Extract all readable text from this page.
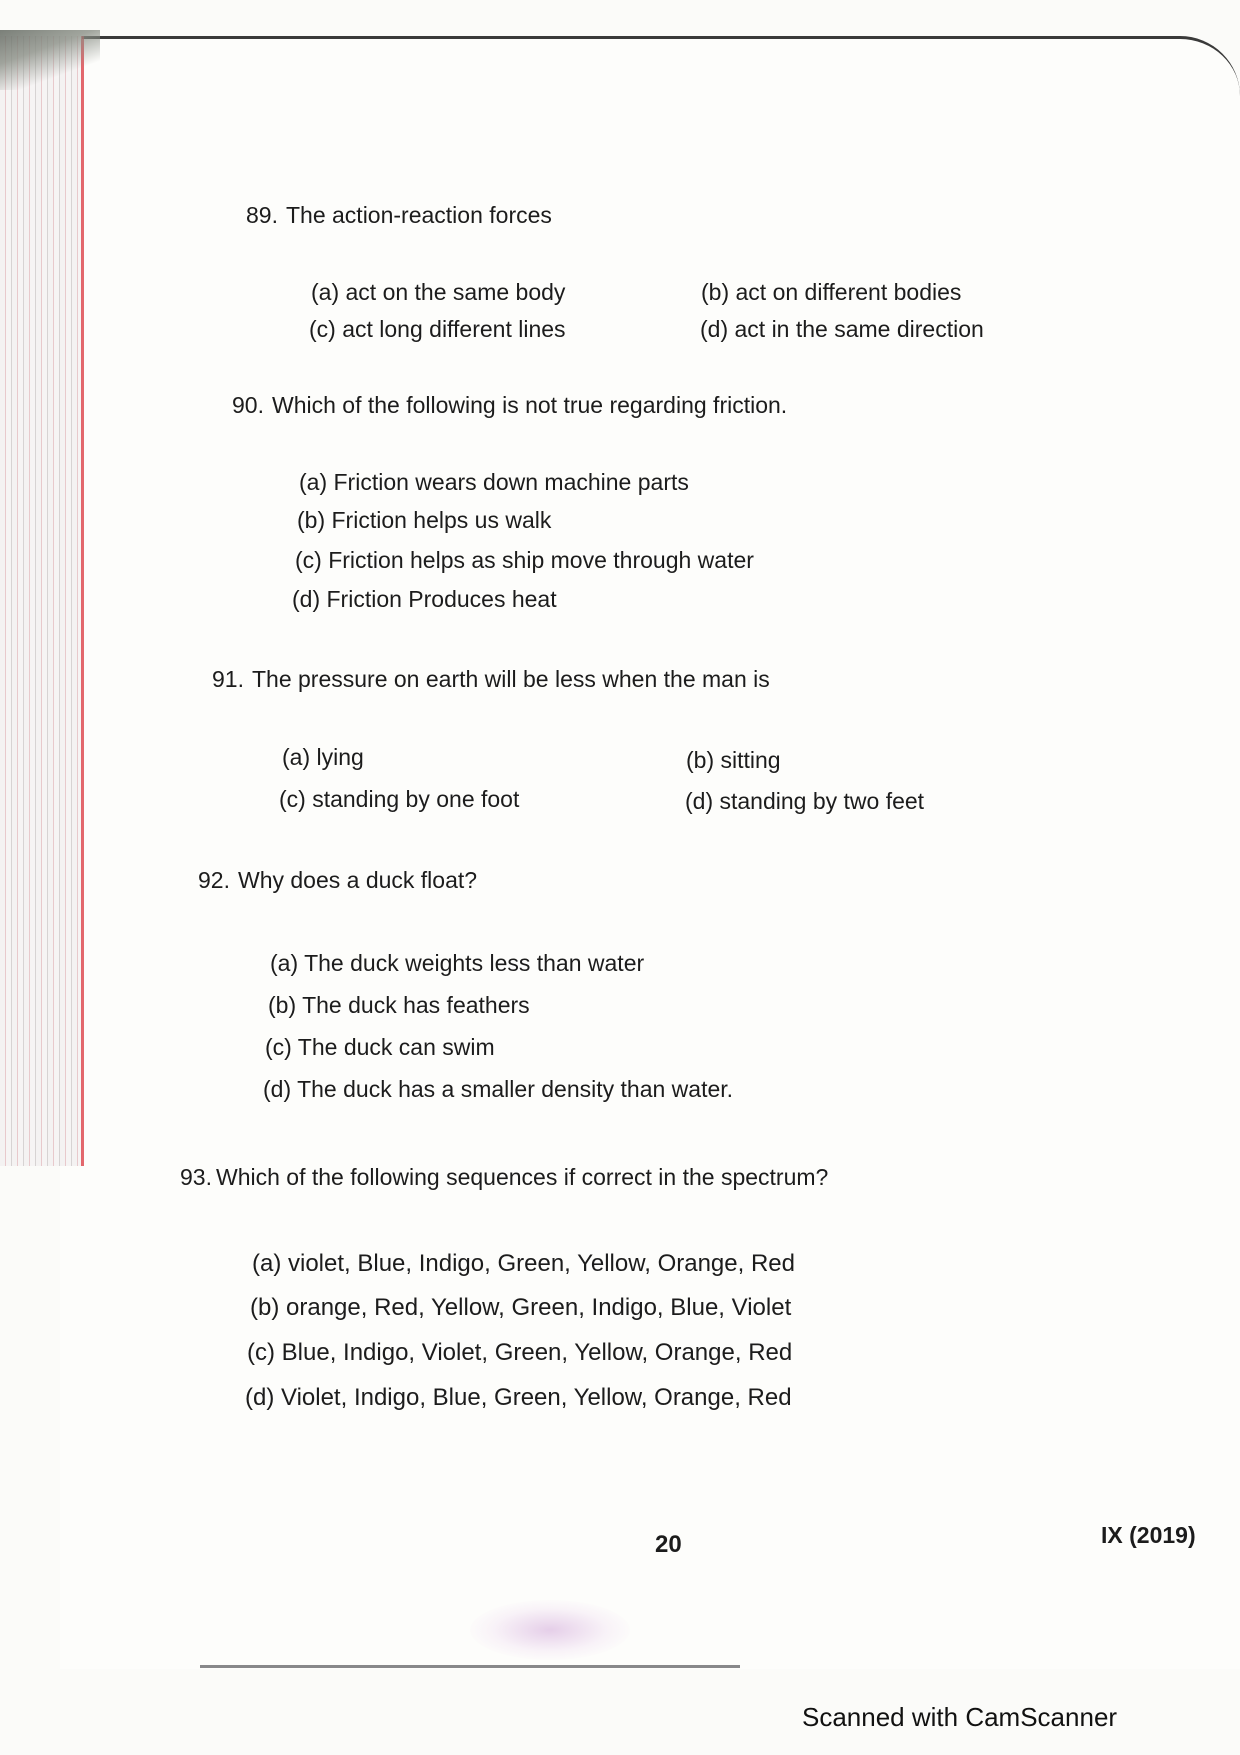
89. The action-reaction forces
(a) act on the same body	(b) act on different bodies
(c) act long different lines	(d) act in the same direction
90. Which of the following is not true regarding friction.
(a) Friction wears down machine parts
(b) Friction helps us walk
(c) Friction helps as ship move through water
(d) Friction Produces heat
91. The pressure on earth will be less when the man is
(a) lying	(b) sitting
(c) standing by one foot	(d) standing by two feet
92. Why does a duck float?
(a) The duck weights less than water
(b) The duck has feathers
(c) The duck can swim
(d) The duck has a smaller density than water.
93. Which of the following sequences if correct in the spectrum?
(a) violet, Blue, Indigo, Green, Yellow, Orange, Red
(b) orange, Red, Yellow, Green, Indigo, Blue, Violet
(c) Blue, Indigo, Violet, Green, Yellow, Orange, Red
(d) Violet, Indigo, Blue, Green, Yellow, Orange, Red
20	IX (2019)
Scanned with CamScanner
